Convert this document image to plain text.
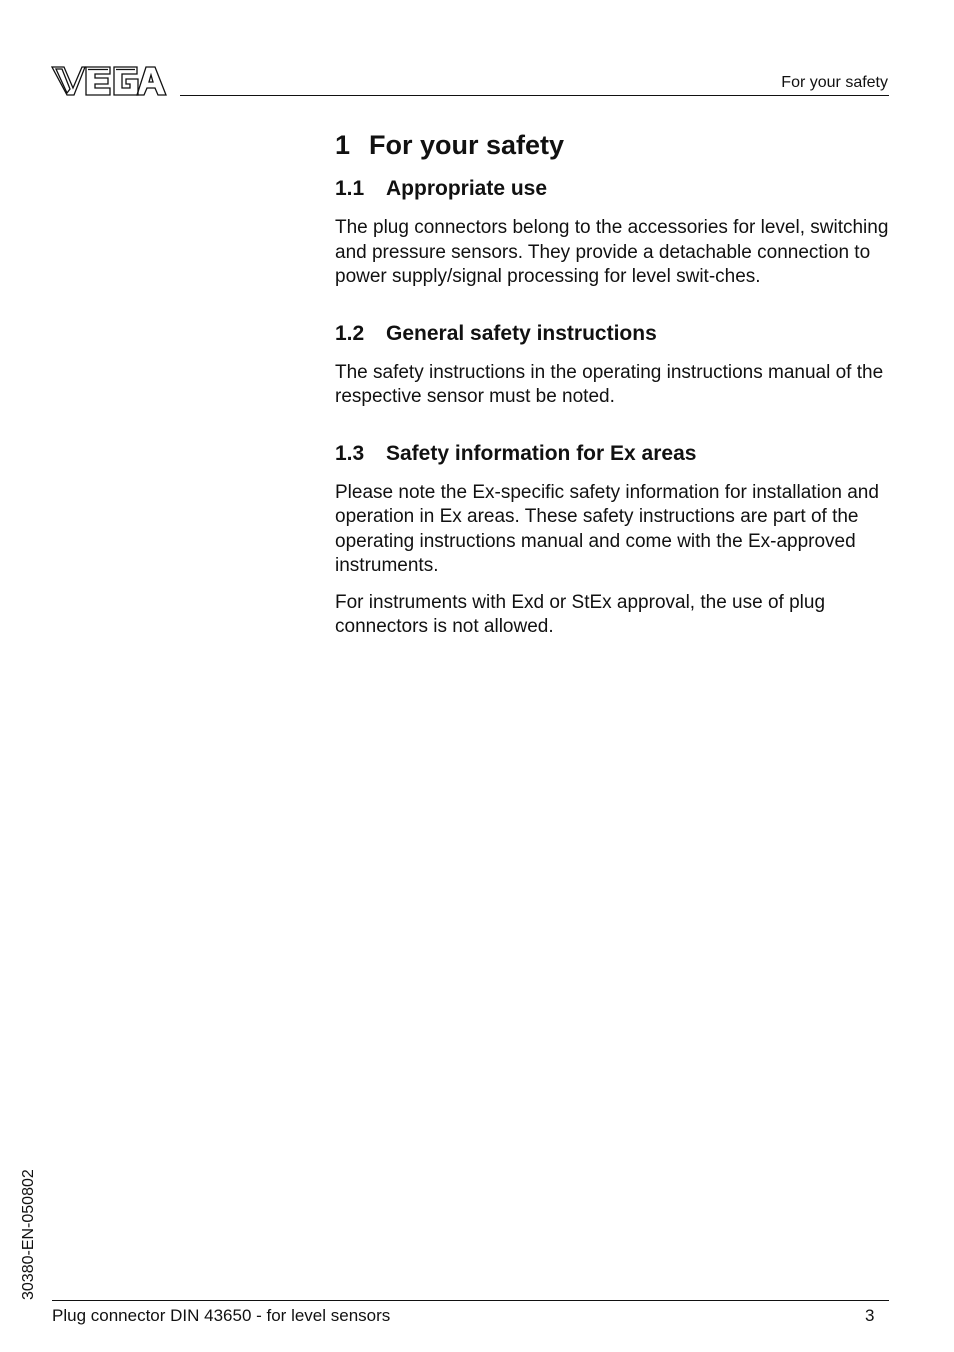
For your safety
1 For your safety
1.1	Appropriate use

The plug connectors belong to the accessories for level, switching and pressure sensors. They provide a detachable connection to power supply/signal processing for level swit-ches.

1.2	General safety instructions

The safety instructions in the operating instructions manual of the respective sensor must be noted.

1.3	Safety information for Ex areas

Please note the Ex-specific safety information for installation and operation in Ex areas. These safety instructions are part of the operating instructions manual and come with the Ex-approved instruments.

For instruments with Exd or StEx approval, the use of plug connectors is not allowed.

30380-EN-050802
Plug connector DIN 43650 - for level sensors	3
